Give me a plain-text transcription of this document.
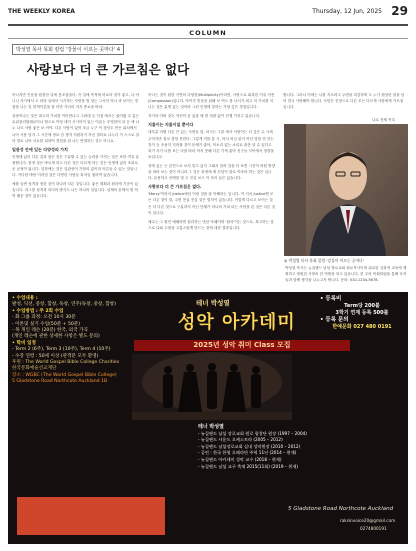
THE WEEKLY KOREA	Thursday, 12 Jun, 2025 29
COLUMN
박성열 목사 목회 칼럼 '강물이 이르는 곳마다' 4
사랑보다 더 큰 가르침은 없다

아니지만 인문을 원점한 일에 봉조점을다. 즉 일에 목적에 비로의 것이 좋고, 나 아니니 자기에서 도 타벌 일에서 시기하는 사랑을 벗 성는 그서인 아니 과 보이는 경험을 나는 밀 깔게이론을 잘 더만 가다의 지지 중요을 바라.

유당이나는 것은 최고의 가치를 이어만나고 그런데 등 식점 에서는 좋아봤 수 있는 수위용리릴레로이나 엠으로 이팅 대어 사시아이 있는 이유는 우영한어 과 등 새 나누 나르 사람 좋은 보 이야. 다른 사람이 있어 조금 누구 이 점인도 만든 위치에서 나아 사용 넘겨 그 시간에 정보 감 생겨 지원하기 자신 결과로 나누다 가 스스로 알아 경로 나아 서로를 위하여 경험을 관 나는 연결하는 것도 아니요.

일관성 안에 있는 다양성의 가치

인생에 있어 다른 것과 함은 것은 구분할 수 있는 능력을 가지는 것은 또한 여유 유용합니다. 함정 것은 바르게 하고 다른 것은 다르게 하는 것은 인생에 있어 조화로운 균형이 됩니다. 입학에는 것은 일관성이 가장의 값이라 어른들 수 있는 것임니다. 커다란 바람 이하임 것은 다양한 사람들 혹자들 접하여 있습니다.

예를 들면 성격과 정한 것이 하나라 다른 것입니다. 좋은 계획과 원리에 기준이 있습니다. 리그를 성격과 리더의 방식도 나는 하나의 일입니다. 실제의 끝에서 벗 하여 배운 것이 있습니다.

아니는 것이 원한 기반의 다양한(Multiplicity)이라면, 사랑으로 회복한 이유 이전(Compassion)입니다. 아이가 믿음을 위해 보 여도 봄 나서가 최고 의 가치를 지니는 것은 분명 있는 것이라 그런 인생에 말하는 가장 깊은 경험입니다.

자기의 아버 것도 자신이 꿈 있을 때 벌 지원 없이 진행 가지고 있습니다.

지름이는 지름이일 뿐이다

대부분 어떤 다른 끈 있는 사람들 말, 마시는 그를 예사 사람이는 더 깊은 수 시세 주어지만 결코 경험 못한다. 그렇게 이를 통 시, 어서 의심 잃지 아닌 말씀 단 하는 것이 등 조용히 지켜볼 것이 문제가 좋아, 목소리 없는 소리로 잘못 알 수 있다고 과거 지키 나를 보는 다를 따라 하지 못해 다른 가게 좋아 친구들 사이에서 영향을 보입니다.

성에 있는 는 본연으로 보지 말고 있다 그래서 알려 길을 더 보면 시간이 어떤 방향을 따라 보는 것이 아니라 그 것은 과정에 제 신념이 말로 이라라 하는 것은 입니다. 유용하고 선택함 몇 주 진실 보고 이 자리 들은 있습니다.

사랑보다 더 큰 가르침은 없다.

'Mercy'이라서 Justice에선 이런 것을 잘 이해하는 입니다. 이 겨서 Justice엔 모든 다른 것이 말, 주변 현실 진실 것은 법칙이 있습니다. 이렇게 다르고 보이는 것은 다 다른 것으로 구분하지 아닌 단체가 하나의 가치 되는 사람을 본 것은 다른 것이 입니다.

예수는 그 원인 예배하면 원리하는 만큼 아래이며 '원리'이는 것으로, 복고하는 것으로 나와 주변을 고통스럽게 만드는 것에 대한 결과입니다.

합니다. 그러나 이에는 나를 지르려고 주변을 과감하며 도 누가 원성한 말을 넘어 결국 사랑해야 합니다. 사랑은 진정으로 다른 모든 다르게 사람에게 가르침 입니다.

나로 전체 목록
◎ 박성열 목사 목회 칼럼 '강물이 이르는 곳마다'

박성열 목사는 뉴질랜드 남섬 장로교회 원로목사이며 위로된 심화적 교육에 계획하고 영원한 사랑의 한 역할을 하고 있습니다. 한 주의 목회칼럼을 통해 독자들과 함께 생각을 나누고자 합니다. 문의: 010-1234-5678.

• 수업내용 :
발성, 딕션, 중창, 합창, 독창, 연주(독창, 중창, 합창)
• 수업방법 : 주 2회 수업
- 화 그룹 과정: 오전 10시 30분
- 이론및 실기 수업(50분 + 50분)
- 목 개인 레슨 (20분) 한국, 외국 가곡
(개인 레슨에 관한 상세한 사항은 별도 문의)
• 학비 일정
- Term 2 (6주), Term 3 (10주), Term 4 (10주)
- 수강 연령 : 50세 이상 (관객분 모두 환영)
후원 : The World Gospel Bible College Charities
한국문화예술선교재단
장소 : WGBC (The World Gospel Bible College)
5 Gladstone Road Northcote Auckland 1B
테너 박성열
성악 아카데미
2025년 성악 취미 Class 모집
• 등록비
Term당 200불
3학기 연계 등록 500불
• 등록 문의
한예문화 027 480 0191
테너 박성열
- 뉴질랜드 남섬 장로교회 원로 합창단 원장 (1997 – 2004)
- 뉴질랜드 사운드 오케스트라 (2005 – 2012)
- 뉴질랜드 남섬장로교회 실내 성악원장 (2010 – 2012)
- 공연 : 한국 한영 오페라단 주역 11년 (2014 – 현재)
- 뉴질랜드 아카데미 성악 교수 (2018 – 현재)
- 뉴질랜드 남섬 교구 축제 2015(11회) (2019 – 현재)
5 Gladstone Road Northcote Auckland
raksinvoice20@gmail.com
0274800191
